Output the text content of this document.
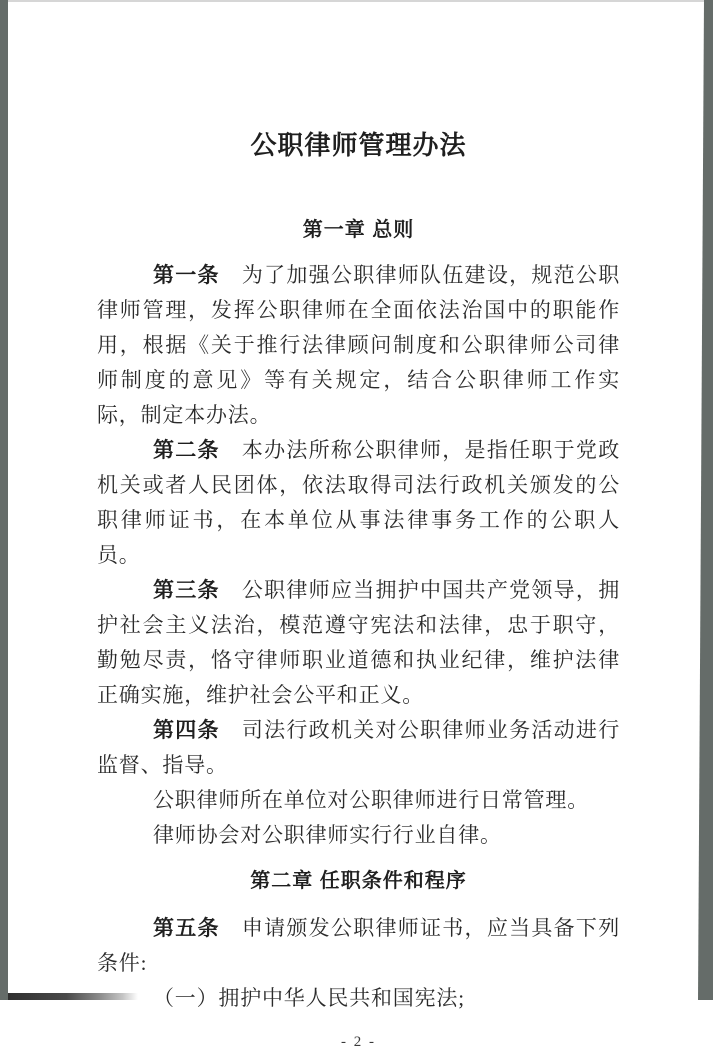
公职律师管理办法
第一章 总则

第一条 为了加强公职律师队伍建设，规范公职律师管理，发挥公职律师在全面依法治国中的职能作用，根据《关于推行法律顾问制度和公职律师公司律师制度的意见》等有关规定，结合公职律师工作实际，制定本办法。

第二条 本办法所称公职律师，是指任职于党政机关或者人民团体，依法取得司法行政机关颁发的公职律师证书，在本单位从事法律事务工作的公职人员。

第三条 公职律师应当拥护中国共产党领导，拥护社会主义法治，模范遵守宪法和法律，忠于职守，勤勉尽责，恪守律师职业道德和执业纪律，维护法律正确实施，维护社会公平和正义。

第四条 司法行政机关对公职律师业务活动进行监督、指导。

公职律师所在单位对公职律师进行日常管理。

律师协会对公职律师实行行业自律。

第二章 任职条件和程序

第五条 申请颁发公职律师证书，应当具备下列条件:

（一）拥护中华人民共和国宪法;

- 2 -
